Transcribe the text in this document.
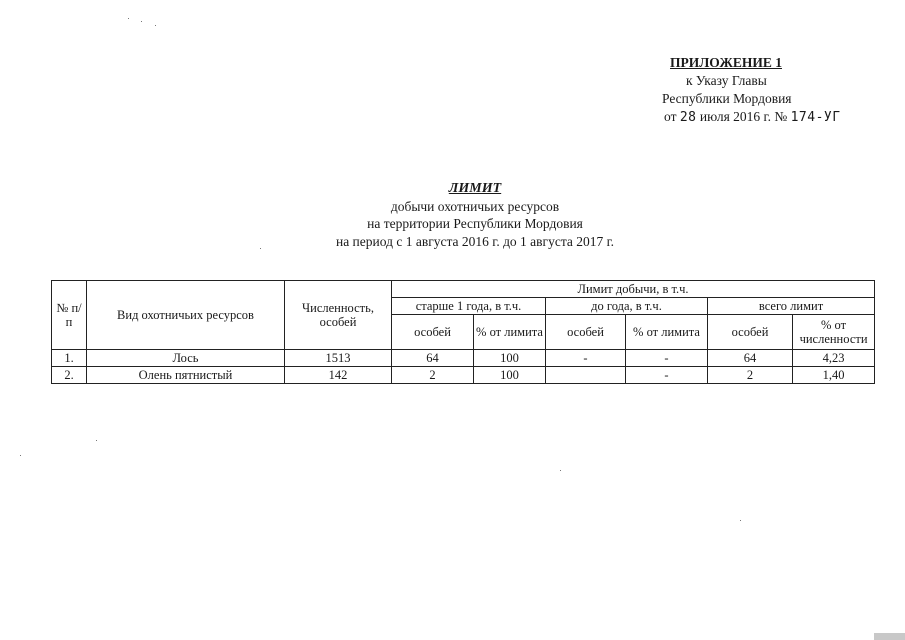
ПРИЛОЖЕНИЕ 1
к Указу Главы
Республики Мордовия
от 28 июля 2016 г. № 174-УГ
ЛИМИТ
добычи охотничьих ресурсов
на территории Республики Мордовия
на период с 1 августа 2016 г. до 1 августа 2017 г.
№ п/п	Вид охотничьих ресурсов	Численность, особей	Лимит добычи, в т.ч.					
			старше 1 года, в т.ч.		до года, в т.ч.		всего лимит	
			особей	% от лимита	особей	% от лимита	особей	% от численности
1.	Лось	1513	64	100	-	-	64	4,23
2.	Олень пятнистый	142	2	100		-	2	1,40
